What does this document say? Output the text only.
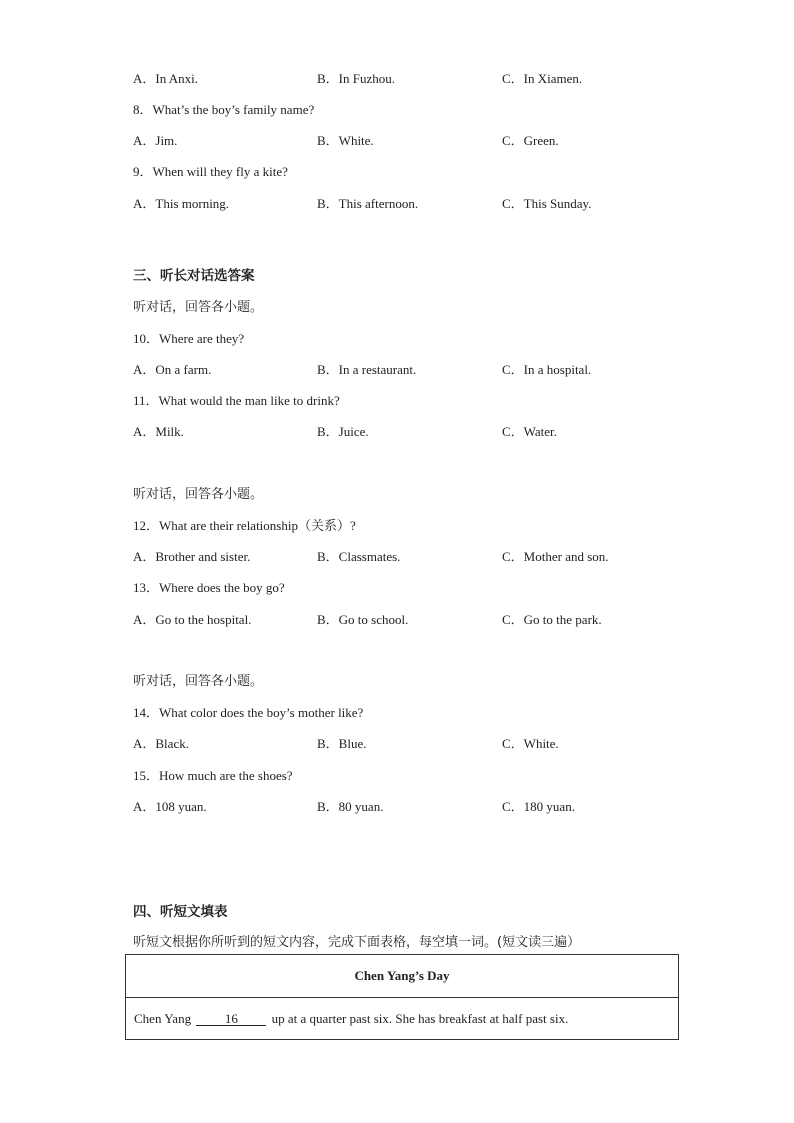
A．In Anxi.	B．In Fuzhou.	C．In Xiamen.
8．What’s the boy’s family name?
A．Jim.	B．White.	C．Green.
9．When will they fly a kite?
A．This morning.	B．This afternoon.	C．This Sunday.
三、听长对话选答案
听对话，回答各小题。
10．Where are they?
A．On a farm.	B．In a restaurant.	C．In a hospital.
11．What would the man like to drink?
A．Milk.	B．Juice.	C．Water.
听对话，回答各小题。
12．What are their relationship（关系）?
A．Brother and sister.	B．Classmates.	C．Mother and son.
13．Where does the boy go?
A．Go to the hospital.	B．Go to school.	C．Go to the park.
听对话，回答各小题。
14．What color does the boy’s mother like?
A．Black.	B．Blue.	C．White.
15．How much are the shoes?
A．108 yuan.	B．80 yuan.	C．180 yuan.
四、听短文填表
听短文根据你所听到的短文内容，完成下面表格，每空填一词。(短文读三遍）
Chen Yang’s Day
Chen Yang	16	up at a quarter past six. She has breakfast at half past six.
